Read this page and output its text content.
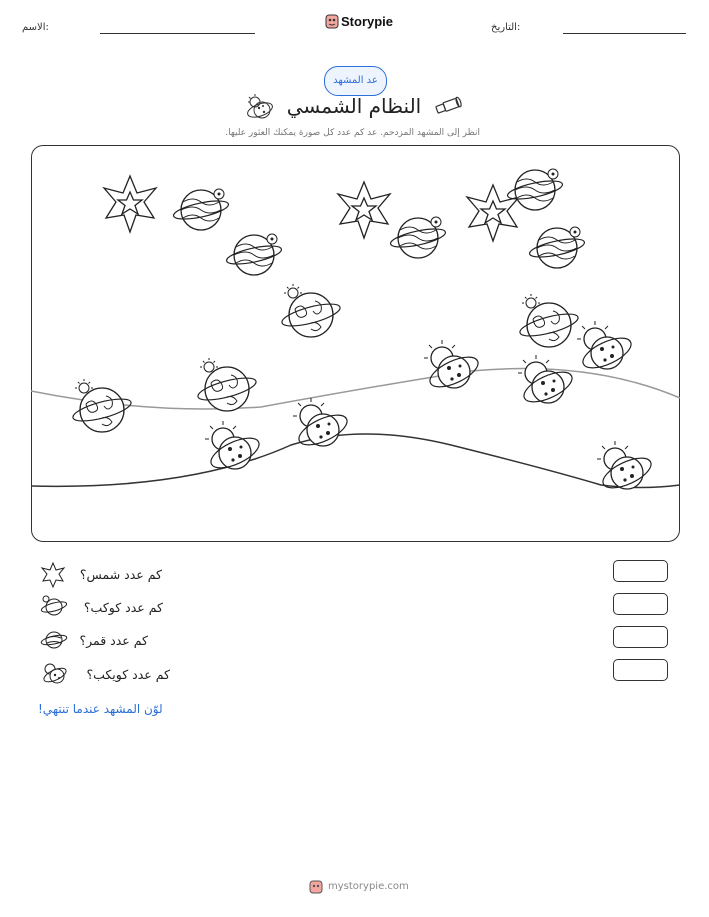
الاسم:	Storypie	التاريخ:
عد المشهد
النظام الشمسي
انظر إلى المشهد المزدحم. عد كم عدد كل صورة يمكنك العثور عليها.
كم عدد شمس؟
كم عدد كوكب؟
كم عدد قمر؟
كم عدد كويكب؟
لوّن المشهد عندما تنتهي!
mystorypie.com
